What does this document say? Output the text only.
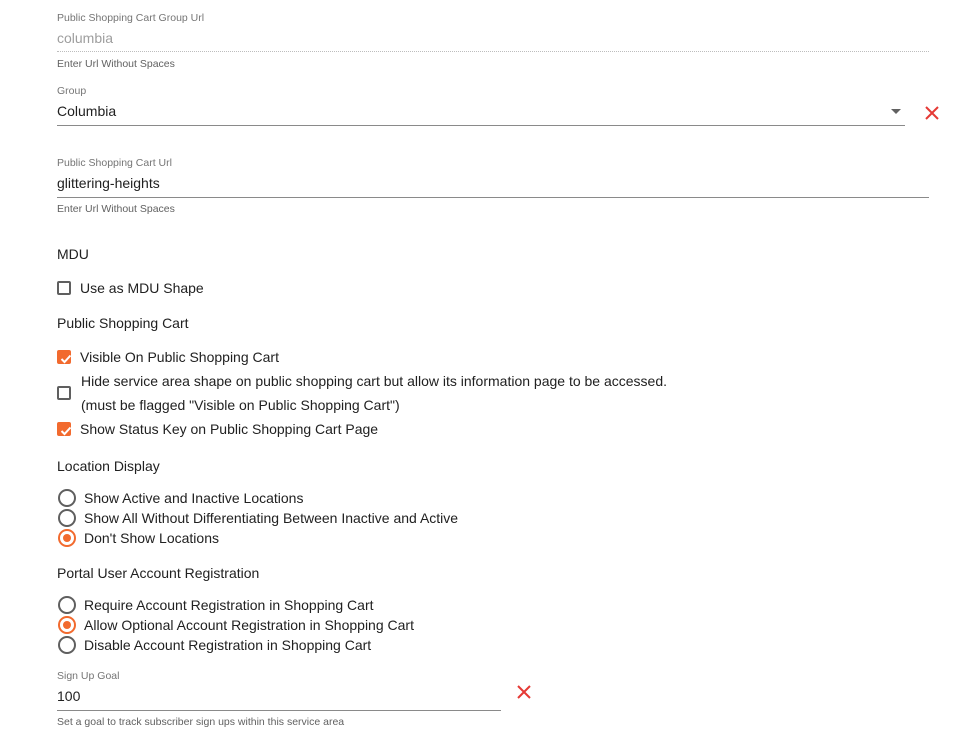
Public Shopping Cart Group Url
columbia
Enter Url Without Spaces
Group
Columbia
Public Shopping Cart Url
glittering-heights
Enter Url Without Spaces
MDU
Use as MDU Shape
Public Shopping Cart
Visible On Public Shopping Cart
Hide service area shape on public shopping cart but allow its information page to be accessed.
(must be flagged "Visible on Public Shopping Cart")
Show Status Key on Public Shopping Cart Page
Location Display
Show Active and Inactive Locations
Show All Without Differentiating Between Inactive and Active
Don't Show Locations
Portal User Account Registration
Require Account Registration in Shopping Cart
Allow Optional Account Registration in Shopping Cart
Disable Account Registration in Shopping Cart
Sign Up Goal
100
Set a goal to track subscriber sign ups within this service area
